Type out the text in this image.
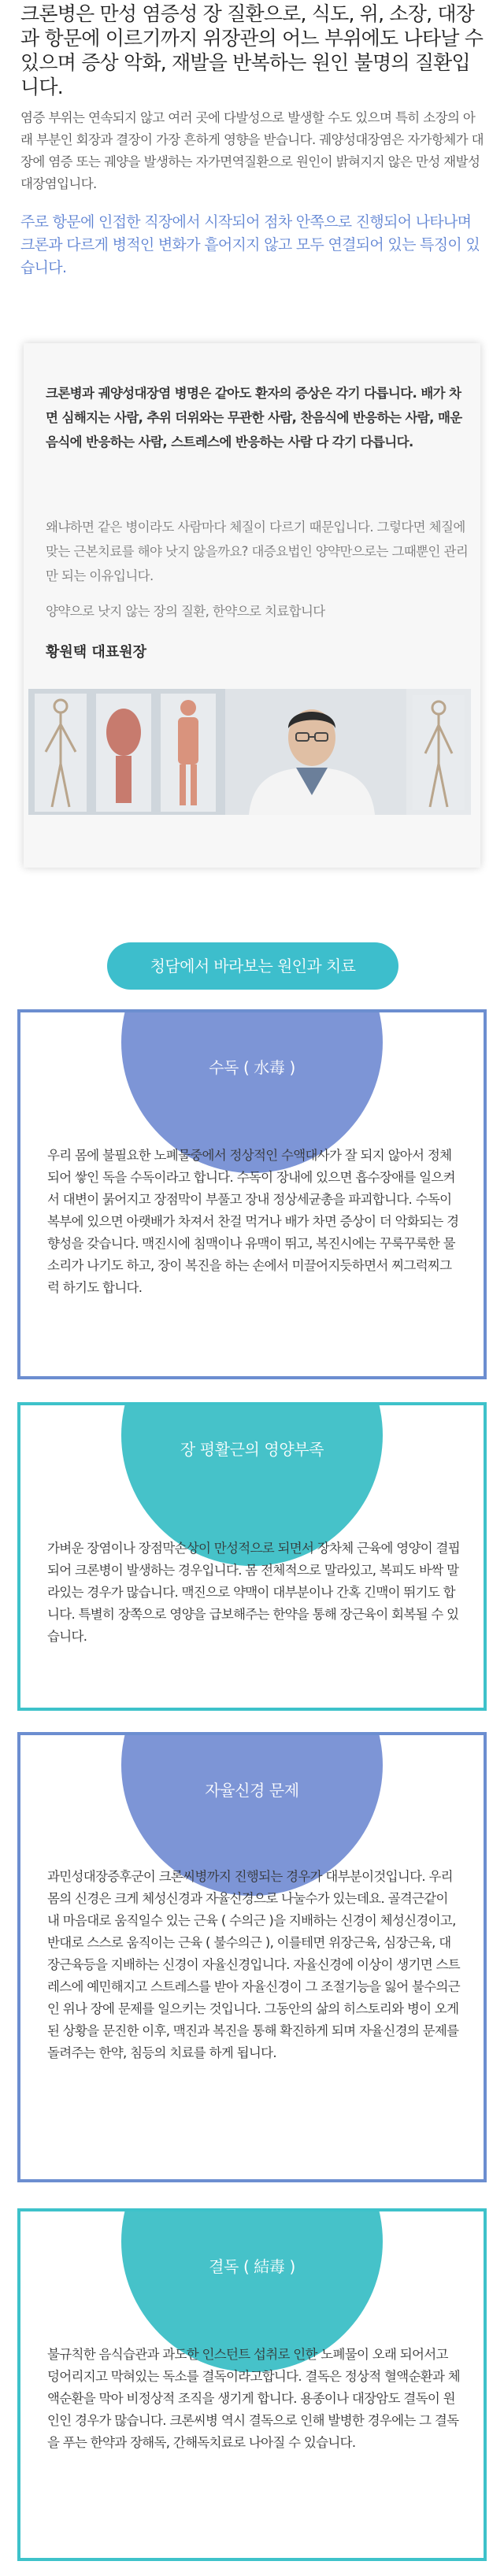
크론병은 만성 염증성 장 질환으로, 식도, 위, 소장, 대장과 항문에 이르기까지 위장관의 어느 부위에도 나타날 수 있으며 증상 악화, 재발을 반복하는 원인 불명의 질환입니다.

염증 부위는 연속되지 않고 여러 곳에 다발성으로 발생할 수도 있으며 특히 소장의 아래 부분인 회장과 결장이 가장 흔하게 영향을 받습니다. 궤양성대장염은 자가항체가 대장에 염증 또는 궤양을 발생하는 자가면역질환으로 원인이 밝혀지지 않은 만성 재발성 대장염입니다.

주로 항문에 인접한 직장에서 시작되어 점차 안쪽으로 진행되어 나타나며 크론과 다르게 병적인 변화가 흩어지지 않고 모두 연결되어 있는 특징이 있습니다.

크론병과 궤양성대장염 병명은 같아도 환자의 증상은 각기 다릅니다. 배가 차면 심해지는 사람, 추위 더위와는 무관한 사람, 찬음식에 반응하는 사람, 매운음식에 반응하는 사람, 스트레스에 반응하는 사람 다 각기 다릅니다.

왜냐하면 같은 병이라도 사람마다 체질이 다르기 때문입니다. 그렇다면 체질에 맞는 근본치료를 해야 낫지 않을까요? 대증요법인 양약만으로는 그때뿐인 관리만 되는 이유입니다.

양약으로 낫지 않는 장의 질환, 한약으로 치료합니다

황원택 대표원장

청담에서 바라보는 원인과 치료
수독 ( 水毒 )

우리 몸에 불필요한 노폐물중에서 정상적인 수액대사가 잘 되지 않아서 정체되어 쌓인 독을 수독이라고 합니다. 수독이 장내에 있으면 흡수장애를 일으켜서 대변이 묽어지고 장점막이 부풀고 장내 정상세균총을 파괴합니다. 수독이 복부에 있으면 아랫배가 차져서 찬걸 먹거나 배가 차면 증상이 더 악화되는 경향성을 갖습니다. 맥진시에 침맥이나 유맥이 뛰고, 복진시에는 꾸룩꾸룩한 물소리가 나기도 하고, 장이 복진을 하는 손에서 미끌어지듯하면서 찌그럭찌그럭 하기도 합니다.

장 평활근의 영양부족

가벼운 장염이나 장점막손상이 만성적으로 되면서 장차체 근육에 영양이 결핍되어 크론병이 발생하는 경우입니다. 몸 전체적으로 말라있고, 복피도 바싹 말라있는 경우가 많습니다. 맥진으로 약맥이 대부분이나 간혹 긴맥이 뛰기도 합니다. 특별히 장쪽으로 영양을 급보해주는 한약을 통해 장근육이 회복될 수 있습니다.

자율신경 문제

과민성대장증후군이 크론씨병까지 진행되는 경우가 대부분이것입니다. 우리 몸의 신경은 크게 체성신경과 자율신경으로 나눌수가 있는데요. 골격근같이 내 마음대로 움직일수 있는 근육 ( 수의근 )을 지배하는 신경이 체성신경이고, 반대로 스스로 움직이는 근육 ( 불수의근 ), 이를테면 위장근육, 심장근육, 대장근육등을 지배하는 신경이 자율신경입니다. 자율신경에 이상이 생기면 스트레스에 예민해지고 스트레스를 받아 자율신경이 그 조절기능을 잃어 불수의근인 위나 장에 문제를 일으키는 것입니다. 그동안의 삶의 히스토리와 병이 오게 된 상황을 문진한 이후, 맥진과 복진을 통해 확진하게 되며 자율신경의 문제를 돌려주는 한약, 침등의 치료를 하게 됩니다.

결독 ( 結毒 )

불규칙한 음식습관과 과도한 인스턴트 섭취로 인한 노폐물이 오래 되어서고 덩어리지고 막혀있는 독소를 결독이라고합니다. 결독은 정상적 혈액순환과 체액순환을 막아 비정상적 조직을 생기게 합니다. 용종이나 대장암도 결독이 원인인 경우가 많습니다. 크론씨병 역시 결독으로 인해 발병한 경우에는 그 결독을 푸는 한약과 장해독, 간해독치료로 나아질 수 있습니다.
